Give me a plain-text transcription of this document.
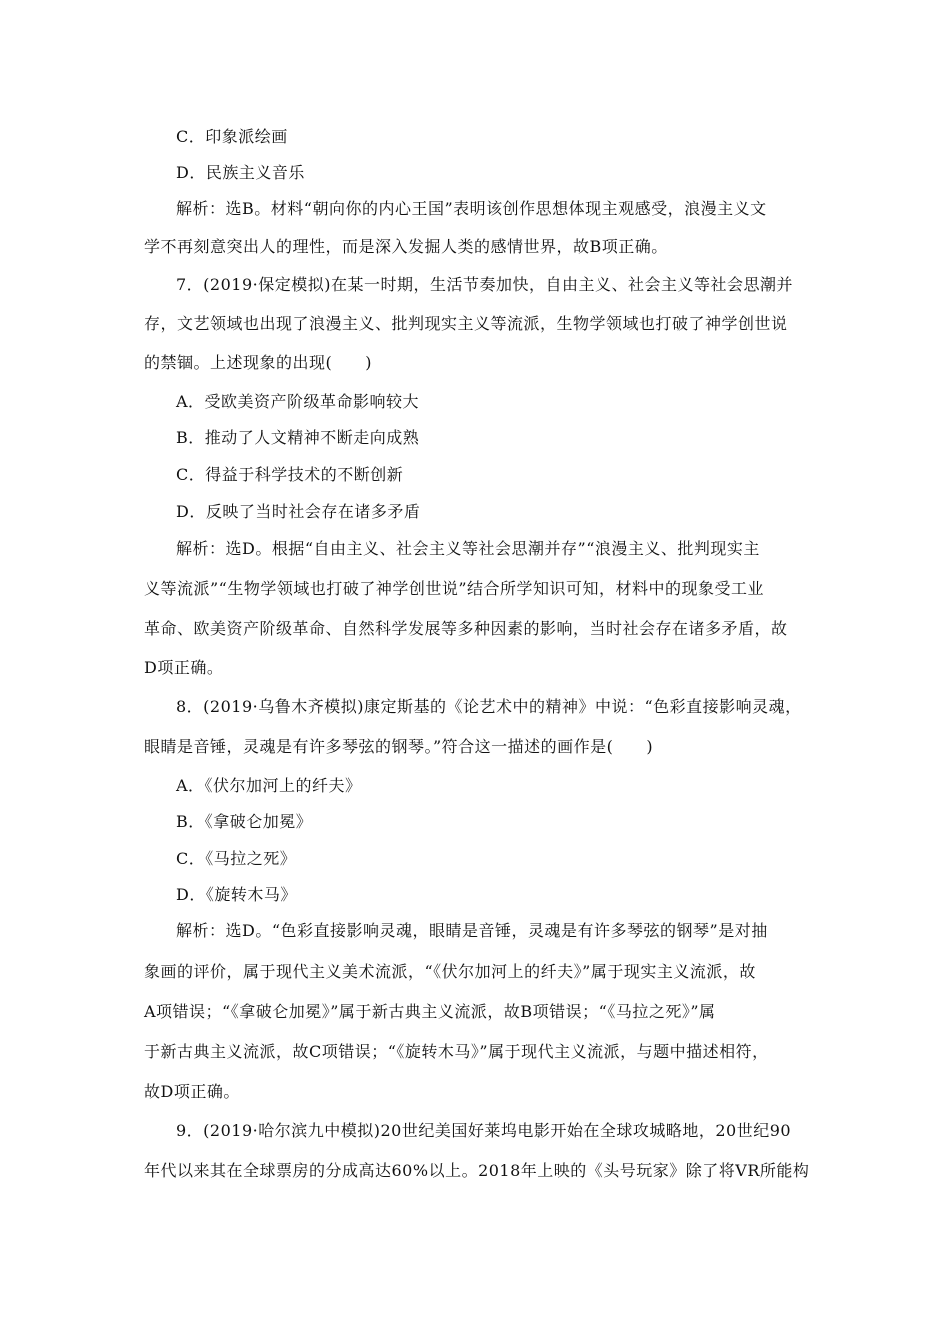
C．印象派绘画
D．民族主义音乐
解析：选B。材料“朝向你的内心王国”表明该创作思想体现主观感受，浪漫主义文
学不再刻意突出人的理性，而是深入发掘人类的感情世界，故B项正确。
7．(2019·保定模拟)在某一时期，生活节奏加快，自由主义、社会主义等社会思潮并
存，文艺领域也出现了浪漫主义、批判现实主义等流派，生物学领域也打破了神学创世说
的禁锢。上述现象的出现(　　)
A．受欧美资产阶级革命影响较大
B．推动了人文精神不断走向成熟
C．得益于科学技术的不断创新
D．反映了当时社会存在诸多矛盾
解析：选D。根据“自由主义、社会主义等社会思潮并存”“浪漫主义、批判现实主
义等流派”“生物学领域也打破了神学创世说”结合所学知识可知，材料中的现象受工业
革命、欧美资产阶级革命、自然科学发展等多种因素的影响，当时社会存在诸多矛盾，故
D项正确。
8．(2019·乌鲁木齐模拟)康定斯基的《论艺术中的精神》中说：“色彩直接影响灵魂，
眼睛是音锤，灵魂是有许多琴弦的钢琴。”符合这一描述的画作是(　　)
A．《伏尔加河上的纤夫》
B．《拿破仑加冕》
C．《马拉之死》
D．《旋转木马》
解析：选D。“色彩直接影响灵魂，眼睛是音锤，灵魂是有许多琴弦的钢琴”是对抽
象画的评价，属于现代主义美术流派，“《伏尔加河上的纤夫》”属于现实主义流派，故
A项错误；“《拿破仑加冕》”属于新古典主义流派，故B项错误；“《马拉之死》”属
于新古典主义流派，故C项错误；“《旋转木马》”属于现代主义流派，与题中描述相符，
故D项正确。
9．(2019·哈尔滨九中模拟)20世纪美国好莱坞电影开始在全球攻城略地，20世纪90
年代以来其在全球票房的分成高达60%以上。2018年上映的《头号玩家》除了将VR所能构
